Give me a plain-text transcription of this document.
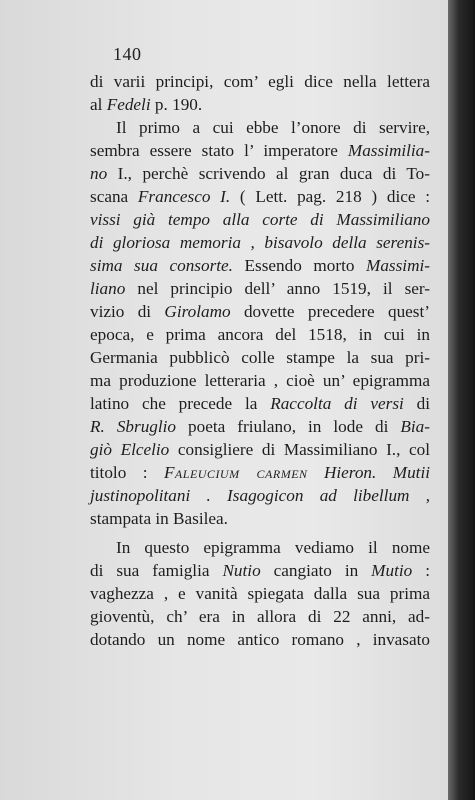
140
di varii principi, com’ egli dice nella lettera
al Fedeli p. 190.
Il primo a cui ebbe l’onore di servire,
sembra essere stato l’ imperatore Massimilia-
no I., perchè scrivendo al gran duca di To-
scana Francesco I. ( Lett. pag. 218 ) dice :
vissi già tempo alla corte di Massimiliano
di gloriosa memoria , bisavolo della serenis-
sima sua consorte. Essendo morto Massimi-
liano nel principio dell’ anno 1519, il ser-
vizio di Girolamo dovette precedere quest’
epoca, e prima ancora del 1518, in cui in
Germania pubblicò colle stampe la sua pri-
ma produzione letteraria , cioè un’ epigramma
latino che precede la Raccolta di versi di
R. Sbruglio poeta friulano, in lode di Bia-
giò Elcelio consigliere di Massimiliano I., col
titolo : Faleucium carmen Hieron. Mutii
justinopolitani . Isagogicon ad libellum ,
stampata in Basilea.
In questo epigramma vediamo il nome
di sua famiglia Nutio cangiato in Mutio :
vaghezza , e vanità spiegata dalla sua prima
gioventù, ch’ era in allora di 22 anni, ad-
dotando un nome antico romano , invasato
